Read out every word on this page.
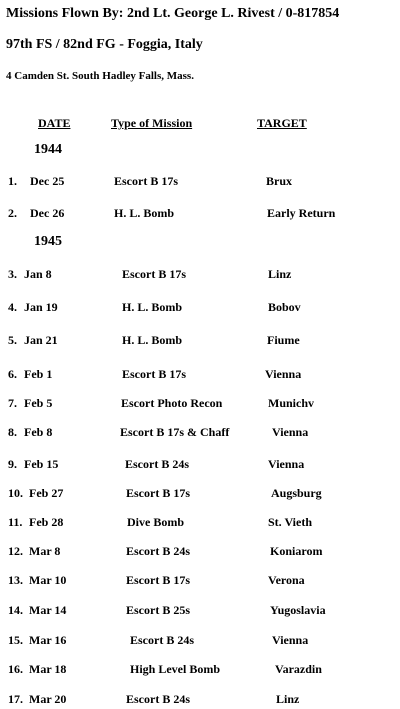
Missions Flown By: 2nd Lt. George L. Rivest / 0-817854
97th FS / 82nd FG - Foggia, Italy
4 Camden St. South Hadley Falls, Mass.
DATE	Type of Mission	TARGET
1944
1945
1. Dec 25	Escort B 17s	Brux
2. Dec 26	H. L. Bomb	Early Return
3. Jan 8	Escort B 17s	Linz
4. Jan 19	H. L. Bomb	Bobov
5. Jan 21	H. L. Bomb	Fiume
6. Feb 1	Escort B 17s	Vienna
7. Feb 5	Escort Photo Recon	Munichv
8. Feb 8	Escort B 17s & Chaff	Vienna
9. Feb 15	Escort B 24s	Vienna
10. Feb 27	Escort B 17s	Augsburg
11. Feb 28	Dive Bomb	St. Vieth
12. Mar 8	Escort B 24s	Koniarom
13. Mar 10	Escort B 17s	Verona
14. Mar 14	Escort B 25s	Yugoslavia
15. Mar 16	Escort B 24s	Vienna
16. Mar 18	High Level Bomb	Varazdin
17. Mar 20	Escort B 24s	Linz
